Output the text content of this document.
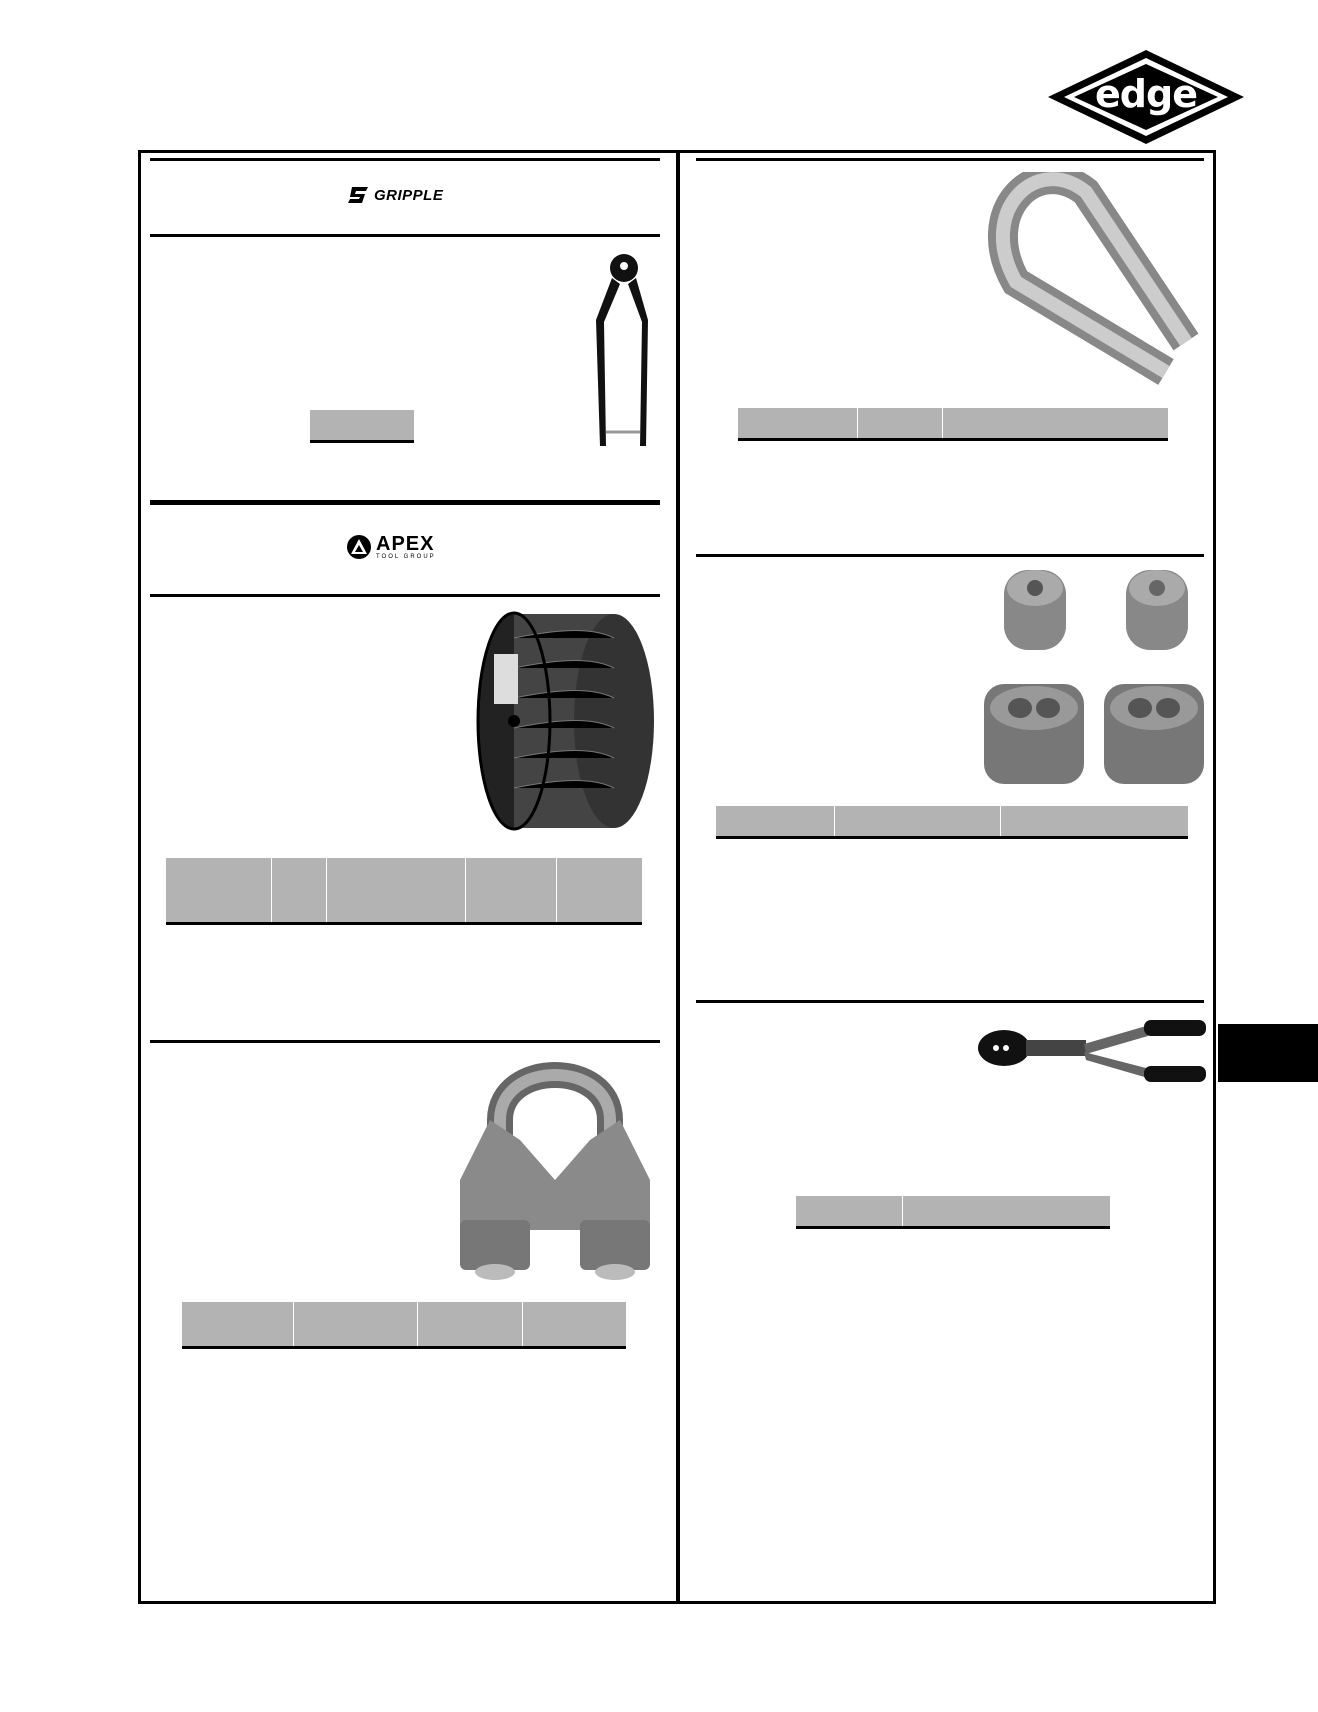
edge
GRIPPLE
APEX
TOOL GROUP
